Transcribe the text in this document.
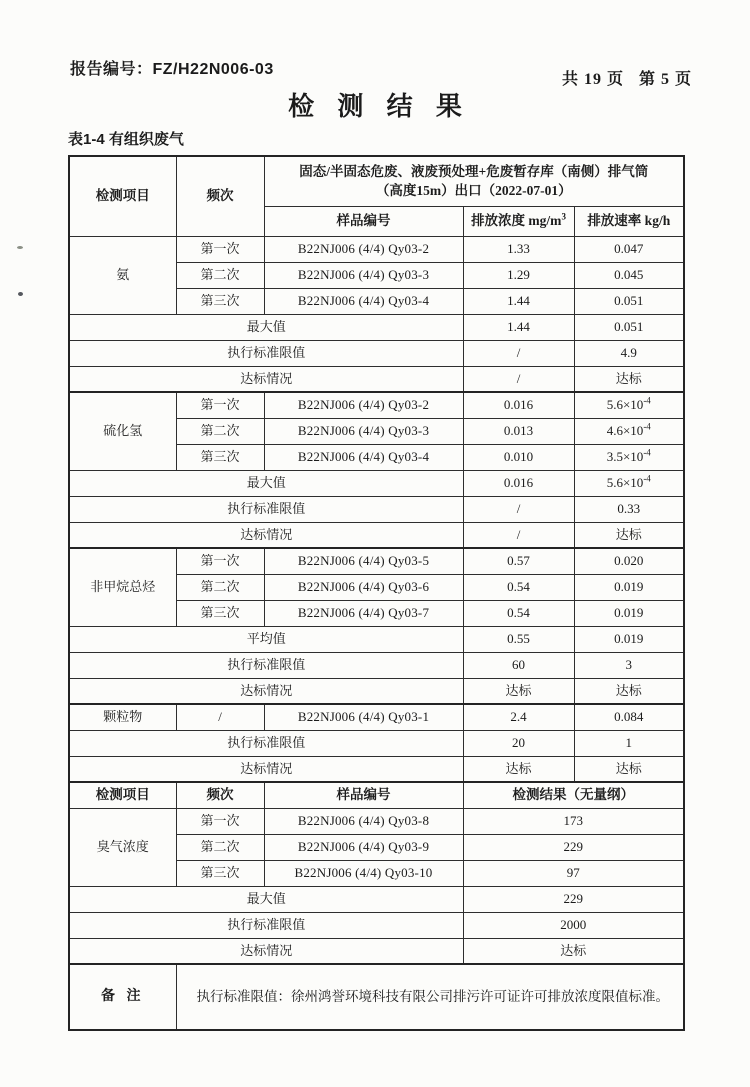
报告编号：FZ/H22N006-03
共 19 页   第 5 页
检 测 结 果
表1-4 有组织废气
检测项目	频次	固态/半固态危废、液废预处理+危废暂存库（南侧）排气筒
（高度15m）出口（2022-07-01）		
		样品编号	排放浓度 $mg/m^3$	排放速率 kg/h
氨	第一次	B22NJ006 (4/4) Qy03-2	1.33	0.047
	第二次	B22NJ006 (4/4) Qy03-3	1.29	0.045
	第三次	B22NJ006 (4/4) Qy03-4	1.44	0.051
最大值			1.44	0.051
执行标准限值			/	4.9
达标情况			/	达标
硫化氢	第一次	B22NJ006 (4/4) Qy03-2	0.016	$5.6\times 10^{-4}$
	第二次	B22NJ006 (4/4) Qy03-3	0.013	$4.6\times 10^{-4}$
	第三次	B22NJ006 (4/4) Qy03-4	0.010	$3.5\times 10^{-4}$
最大值			0.016	$5.6\times 10^{-4}$
执行标准限值			/	0.33
达标情况			/	达标
非甲烷总烃	第一次	B22NJ006 (4/4) Qy03-5	0.57	0.020
	第二次	B22NJ006 (4/4) Qy03-6	0.54	0.019
	第三次	B22NJ006 (4/4) Qy03-7	0.54	0.019
平均值			0.55	0.019
执行标准限值			60	3
达标情况			达标	达标
颗粒物	/	B22NJ006 (4/4) Qy03-1	2.4	0.084
执行标准限值			20	1
达标情况			达标	达标
检测项目	频次	样品编号	检测结果（无量纲）	
臭气浓度	第一次	B22NJ006 (4/4) Qy03-8	173	
	第二次	B22NJ006 (4/4) Qy03-9	229	
	第三次	B22NJ006 (4/4) Qy03-10	97	
最大值			229	
执行标准限值			2000	
达标情况			达标	
备 注	执行标准限值：徐州鸿誉环境科技有限公司排污许可证许可排放浓度限值标准。			
